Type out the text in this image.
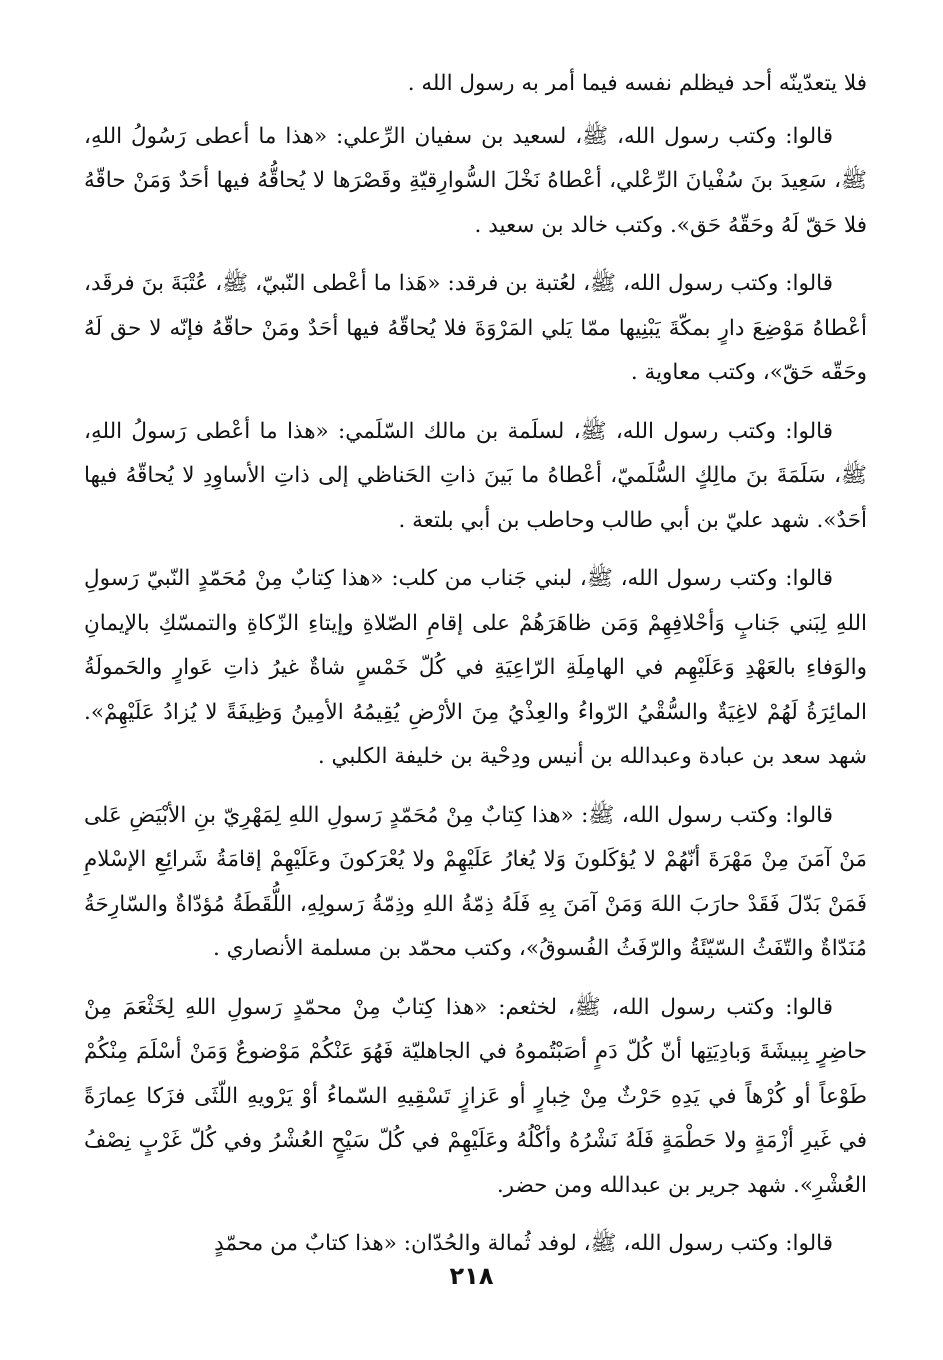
فلا يتعدّينّه أحد فيظلم نفسه فيما أمر به رسول الله .

قالوا: وكتب رسول الله، ﷺ، لسعيد بن سفيان الرِّعلي: «هذا ما أعطى رَسُولُ اللهِ، ﷺ، سَعِيدَ بنَ سُفْيانَ الرِّعْلي، أعْطاهُ نَخْلَ السُّوارِقيّةِ وقَصْرَها لا يُحاقُّهُ فيها أحَدٌ وَمَنْ حاقّهُ فلا حَقّ لَهُ وحَقّهُ حَق». وكتب خالد بن سعيد .

قالوا: وكتب رسول الله، ﷺ، لعُتبة بن فرقد: «هَذا ما أعْطى النّبيّ، ﷺ، عُتْبَةَ بنَ فرقَد، أعْطاهُ مَوْضِعَ دارٍ بمكّةَ يَبْنِيها ممّا يَلي المَرْوَةَ فلا يُحاقّهُ فيها أحَدٌ ومَنْ حاقّهُ فإنّه لا حق لَهُ وحَقّه حَقّ»، وكتب معاوية .

قالوا: وكتب رسول الله، ﷺ، لسلَمة بن مالك السّلَمي: «هذا ما أعْطى رَسولُ اللهِ، ﷺ، سَلَمَةَ بنَ مالِكٍ السُّلَميّ، أعْطاهُ ما بَينَ ذاتِ الحَناظي إلى ذاتِ الأساوِدِ لا يُحاقّهُ فيها أحَدٌ». شهد عليّ بن أبي طالب وحاطب بن أبي بلتعة .

قالوا: وكتب رسول الله، ﷺ، لبني جَناب من كلب: «هذا كِتابٌ مِنْ مُحَمّدٍ النّبيّ رَسولِ اللهِ لِبَني جَنابٍ وَأحْلافِهِمْ وَمَن ظاهَرَهُمْ على إقامِ الصّلاةِ وإيتاءِ الزّكاةِ والتمسّكِ بالإيمانِ والوَفاءِ بالعَهْدِ وَعَلَيْهِم في الهامِلَةِ الرّاعِيَةِ في كُلّ خَمْسٍ شاةٌ غيرُ ذاتِ عَوارٍ والحَمولَةُ المائِرَةُ لَهُمْ لاغِيَةٌ والسُّقْيُ الرّواءُ والعِذْيُ مِنَ الأرْضِ يُقِيمُهُ الأمِينُ وَظِيفَةً لا يُزادُ عَلَيْهِمْ». شهد سعد بن عبادة وعبدالله بن أنيس ودِحْية بن خليفة الكلبي .

قالوا: وكتب رسول الله، ﷺ: «هذا كِتابٌ مِنْ مُحَمّدٍ رَسولِ اللهِ لِمَهْرِيّ بنِ الأبْيَضِ عَلى مَنْ آمَنَ مِنْ مَهْرَةَ أنّهُمْ لا يُؤكَلونَ وَلا يُغارُ عَلَيْهِمْ ولا يُعْرَكونَ وعَلَيْهِمْ إقامَةُ شَرائِعِ الإسْلامِ فَمَنْ بَدّلَ فَقَدْ حارَبَ اللهَ وَمَنْ آمَنَ بِهِ فَلَهُ ذِمّةُ اللهِ وذِمّةُ رَسولِهِ، اللُّقَطَةُ مُؤدّاةٌ والسّارِحَةُ مُنَدّاةٌ والتّفَثُ السّيّئَةُ والرّفَثُ الفُسوقُ»، وكتب محمّد بن مسلمة الأنصاري .

قالوا: وكتب رسول الله، ﷺ، لخثعم: «هذا كِتابٌ مِنْ محمّدٍ رَسولِ اللهِ لِخَثْعَمَ مِنْ حاضِرٍ بِبيشَةَ وَبادِيَتِها أنّ كُلّ دَمٍ أصَبْتُموهُ في الجاهليّة فَهُوَ عَنْكُمْ مَوْضوعٌ وَمَنْ أسْلَمَ مِنْكُمْ طَوْعاً أو كُرْهاً في يَدِهِ حَرْثٌ مِنْ خِبارٍ أو عَزازٍ تَسْقِيهِ السّماءُ أوْ يَرْويهِ اللّثَى فزَكا عِمارَةً في غَيرِ أزْمَةٍ ولا حَطْمَةٍ فَلَهُ نَشْرُهُ وأكْلُهُ وعَلَيْهِمْ في كُلّ سَيْحٍ العُشْرُ وفي كُلّ غَرْبٍ نِصْفُ العُشْرِ». شهد جرير بن عبدالله ومن حضر.

قالوا: وكتب رسول الله، ﷺ، لوفد ثُمالة والحُدّان: «هذا كتابٌ من محمّدٍ

٢١٨
